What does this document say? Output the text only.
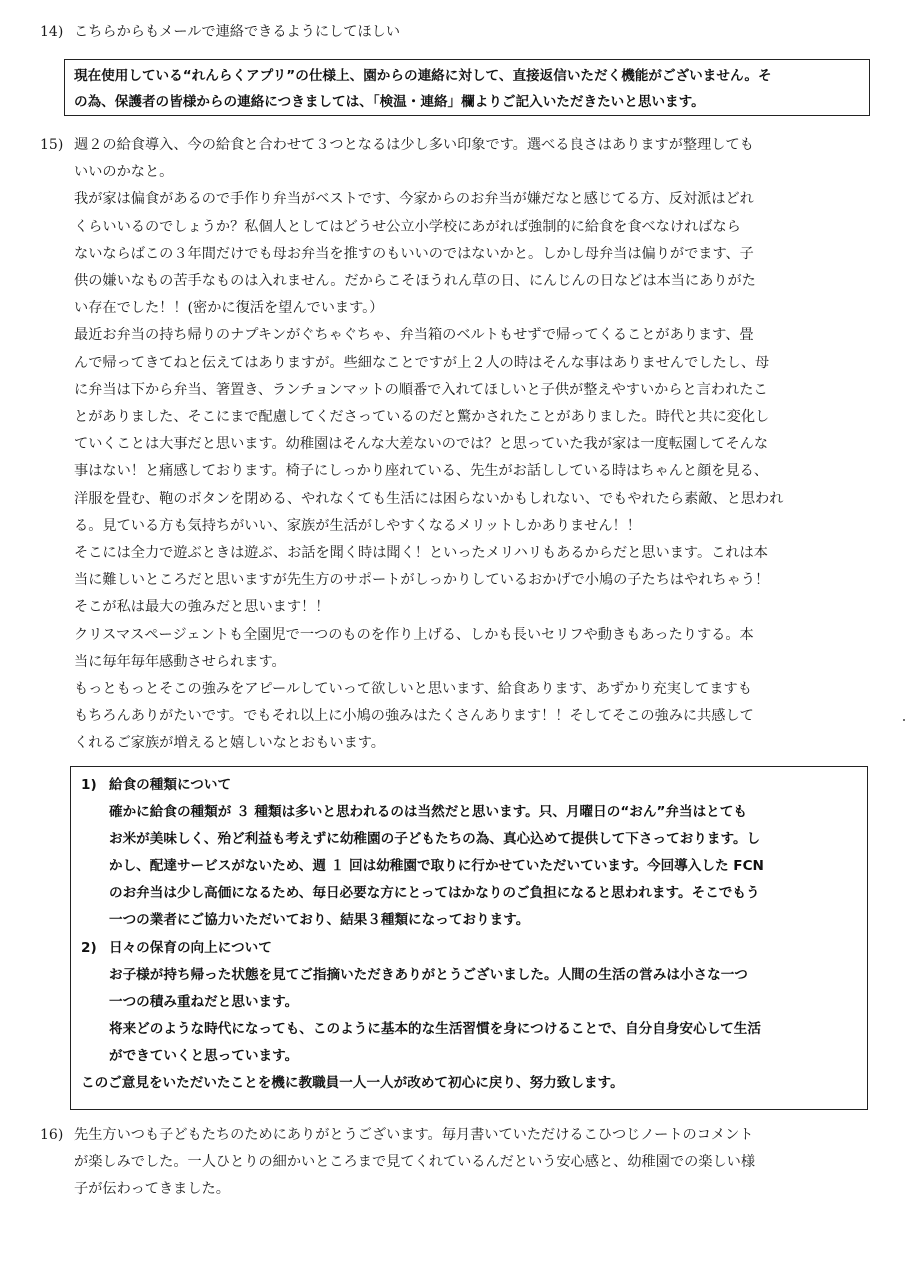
14) こちらからもメールで連絡できるようにしてほしい
現在使用している“れんらくアプリ”の仕様上、園からの連絡に対して、直接返信いただく機能がございません。そ
の為、保護者の皆様からの連絡につきましては、「検温・連絡」欄よりご記入いただきたいと思います。
15) 週２の給食導入、今の給食と合わせて３つとなるは少し多い印象です。選べる良さはありますが整理しても
いいのかなと。
我が家は偏食があるので手作り弁当がベストです、今家からのお弁当が嫌だなと感じてる方、反対派はどれ
くらいいるのでしょうか？私個人としてはどうせ公立小学校にあがれば強制的に給食を食べなければなら
ないならばこの３年間だけでも母お弁当を推すのもいいのではないかと。しかし母弁当は偏りがでます、子
供の嫌いなもの苦手なものは入れません。だからこそほうれん草の日、にんじんの日などは本当にありがた
い存在でした！！(密かに復活を望んでいます。）
最近お弁当の持ち帰りのナプキンがぐちゃぐちゃ、弁当箱のベルトもせずで帰ってくることがあります、畳
んで帰ってきてねと伝えてはありますが。些細なことですが上２人の時はそんな事はありませんでしたし、母
に弁当は下から弁当、箸置き、ランチョンマットの順番で入れてほしいと子供が整えやすいからと言われたこ
とがありました、そこにまで配慮してくださっているのだと驚かされたことがありました。時代と共に変化し
ていくことは大事だと思います。幼稚園はそんな大差ないのでは？と思っていた我が家は一度転園してそんな
事はない！と痛感しております。椅子にしっかり座れている、先生がお話ししている時はちゃんと顔を見る、
洋服を畳む、鞄のボタンを閉める、やれなくても生活には困らないかもしれない、でもやれたら素敵、と思われ
る。見ている方も気持ちがいい、家族が生活がしやすくなるメリットしかありません！！
そこには全力で遊ぶときは遊ぶ、お話を聞く時は聞く！といったメリハリもあるからだと思います。これは本
当に難しいところだと思いますが先生方のサポートがしっかりしているおかげで小鳩の子たちはやれちゃう！
そこが私は最大の強みだと思います！！
クリスマスページェントも全園児で一つのものを作り上げる、しかも長いセリフや動きもあったりする。本
当に毎年毎年感動させられます。
もっともっとそこの強みをアピールしていって欲しいと思います、給食あります、あずかり充実してますも
もちろんありがたいです。でもそれ以上に小鳩の強みはたくさんあります！！そしてそこの強みに共感して
くれるご家族が増えると嬉しいなとおもいます。
1) 給食の種類について
確かに給食の種類が ３ 種類は多いと思われるのは当然だと思います。只、月曜日の“おん”弁当はとても
お米が美味しく、殆ど利益も考えずに幼稚園の子どもたちの為、真心込めて提供して下さっております。し
かし、配達サービスがないため、週 １ 回は幼稚園で取りに行かせていただいています。今回導入した FCN
のお弁当は少し高価になるため、毎日必要な方にとってはかなりのご負担になると思われます。そこでもう
一つの業者にご協力いただいており、結果３種類になっております。
2) 日々の保育の向上について
お子様が持ち帰った状態を見てご指摘いただきありがとうございました。人間の生活の営みは小さな一つ
一つの積み重ねだと思います。
将来どのような時代になっても、このように基本的な生活習慣を身につけることで、自分自身安心して生活
ができていくと思っています。
このご意見をいただいたことを機に教職員一人一人が改めて初心に戻り、努力致します。
16) 先生方いつも子どもたちのためにありがとうございます。毎月書いていただけるこひつじノートのコメント
が楽しみでした。一人ひとりの細かいところまで見てくれているんだという安心感と、幼稚園での楽しい様
子が伝わってきました。
